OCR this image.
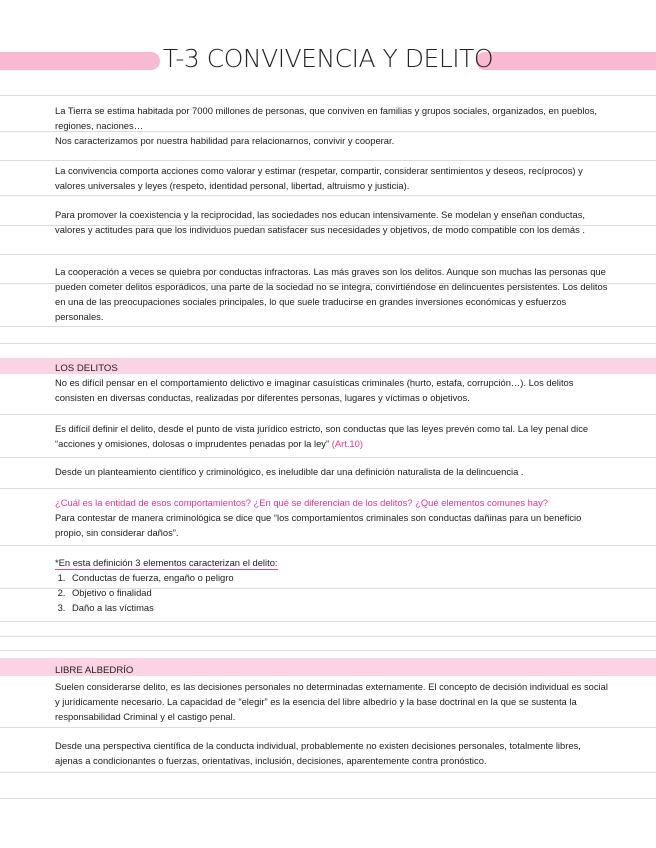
T-3 CONVIVENCIA Y DELITO

La Tierra se estima habitada por 7000 millones de personas, que conviven en familias y grupos sociales, organizados, en pueblos, regiones, naciones…
Nos caracterizamos por nuestra habilidad para relacionarnos, convivir y cooperar.

La convivencia comporta acciones como valorar y estimar (respetar, compartir, considerar sentimientos y deseos, recíprocos) y valores universales y leyes (respeto, identidad personal, libertad, altruismo y justicia).

Para promover la coexistencia y la reciprocidad, las sociedades nos educan intensivamente. Se modelan y enseñan conductas, valores y actitudes para que los individuos puedan satisfacer sus necesidades y objetivos, de modo compatible con los demás .

La cooperación a veces se quiebra por conductas infractoras. Las más graves son los delitos. Aunque son muchas las personas que pueden cometer delitos esporádicos, una parte de la sociedad no se integra, convirtiéndose en delincuentes persistentes. Los delitos en una de las preocupaciones sociales principales, lo que suele traducirse en grandes inversiones económicas y esfuerzos personales.

LOS DELITOS

No es difícil pensar en el comportamiento delictivo e imaginar casuísticas criminales (hurto, estafa, corrupción…). Los delitos consisten en diversas conductas, realizadas por diferentes personas, lugares y víctimas o objetivos.

Es difícil definir el delito, desde el punto de vista jurídico estricto, son conductas que las leyes prevén como tal. La ley penal dice “acciones y omisiones, dolosas o imprudentes penadas por la ley” (Art.10)

Desde un planteamiento científico y criminológico, es ineludible dar una definición naturalista de la delincuencia .

¿Cuál es la entidad de esos comportamientos? ¿En qué se diferencian de los delitos? ¿Qué elementos comunes hay?

Para contestar de manera criminológica se dice que “los comportamientos criminales son conductas dañinas para un beneficio propio, sin considerar daños”.

*En esta definición 3 elementos caracterizan el delito:

1. Conductas de fuerza, engaño o peligro
2. Objetivo o finalidad
3. Daño a las víctimas
LIBRE ALBEDRÍO

Suelen considerarse delito, es las decisiones personales no determinadas externamente. El concepto de decisión individual es social y jurídicamente necesario. La capacidad de “elegir” es la esencia del libre albedrío y la base doctrinal en la que se sustenta la responsabilidad Criminal y el castigo penal.

Desde una perspectiva científica de la conducta individual, probablemente no existen decisiones personales, totalmente libres, ajenas a condicionantes o fuerzas, orientativas, inclusión, decisiones, aparentemente contra pronóstico.
